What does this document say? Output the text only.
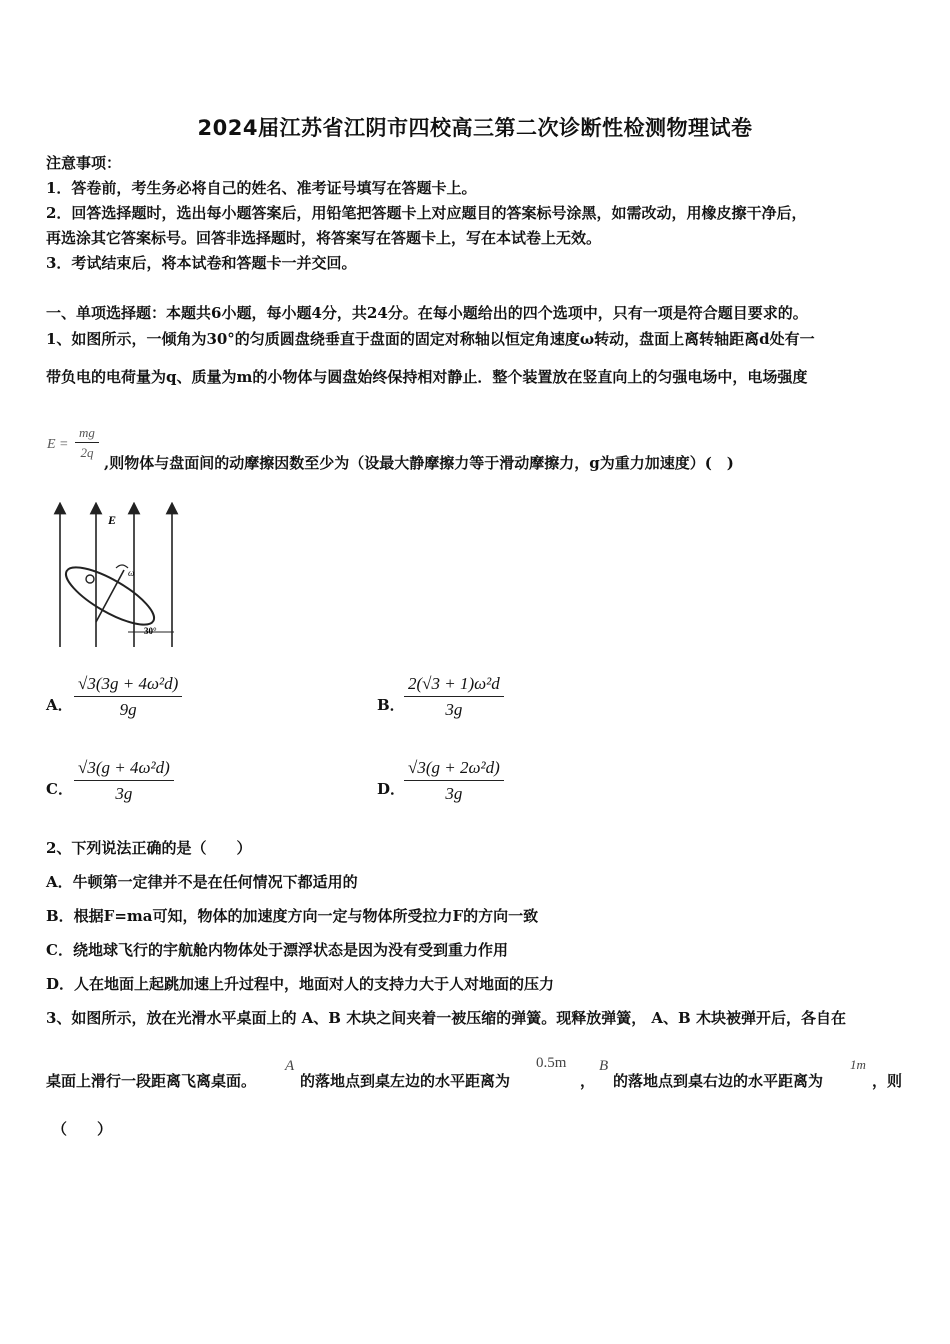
2024届江苏省江阴市四校高三第二次诊断性检测物理试卷
注意事项：
1．答卷前，考生务必将自己的姓名、准考证号填写在答题卡上。
2．回答选择题时，选出每小题答案后，用铅笔把答题卡上对应题目的答案标号涂黑，如需改动，用橡皮擦干净后，
再选涂其它答案标号。回答非选择题时，将答案写在答题卡上，写在本试卷上无效。
3．考试结束后，将本试卷和答题卡一并交回。
一、单项选择题：本题共6小题，每小题4分，共24分。在每小题给出的四个选项中，只有一项是符合题目要求的。
1、如图所示，一倾角为30°的匀质圆盘绕垂直于盘面的固定对称轴以恒定角速度ω转动，盘面上离转轴距离d处有一
带负电的电荷量为q、质量为m的小物体与圆盘始终保持相对静止．整个装置放在竖直向上的匀强电场中，电场强度
$E = \frac{mg}{2q}$ ,则物体与盘面间的动摩擦因数至少为（设最大静摩擦力等于滑动摩擦力，g为重力加速度）(　)
E
ω
30°
A． $\frac{\text{√3(3g + 4ω²d)}}{9g}$	B． $\frac{\text{2(√3 + 1)ω²d}}{3g}$
C． $\frac{\text{√3(g + 4ω²d)}}{3g}$	D．
$\frac{\text{√3(g + 2ω²d)}}{3g}$
2、下列说法正确的是（　　）
A．牛顿第一定律并不是在任何情况下都适用的
B．根据F=ma可知，物体的加速度方向一定与物体所受拉力F的方向一致
C．绕地球飞行的宇航舱内物体处于漂浮状态是因为没有受到重力作用
D．人在地面上起跳加速上升过程中，地面对人的支持力大于人对地面的压力
3、如图所示，放在光滑水平桌面上的 A、B 木块之间夹着一被压缩的弹簧。现释放弹簧， A、B 木块被弹开后，各自在
桌面上滑行一段距离飞离桌面。
A
的落地点到桌左边的水平距离为
0.5m
，
B
的落地点到桌右边的水平距离为
1m
，则
（　　）
